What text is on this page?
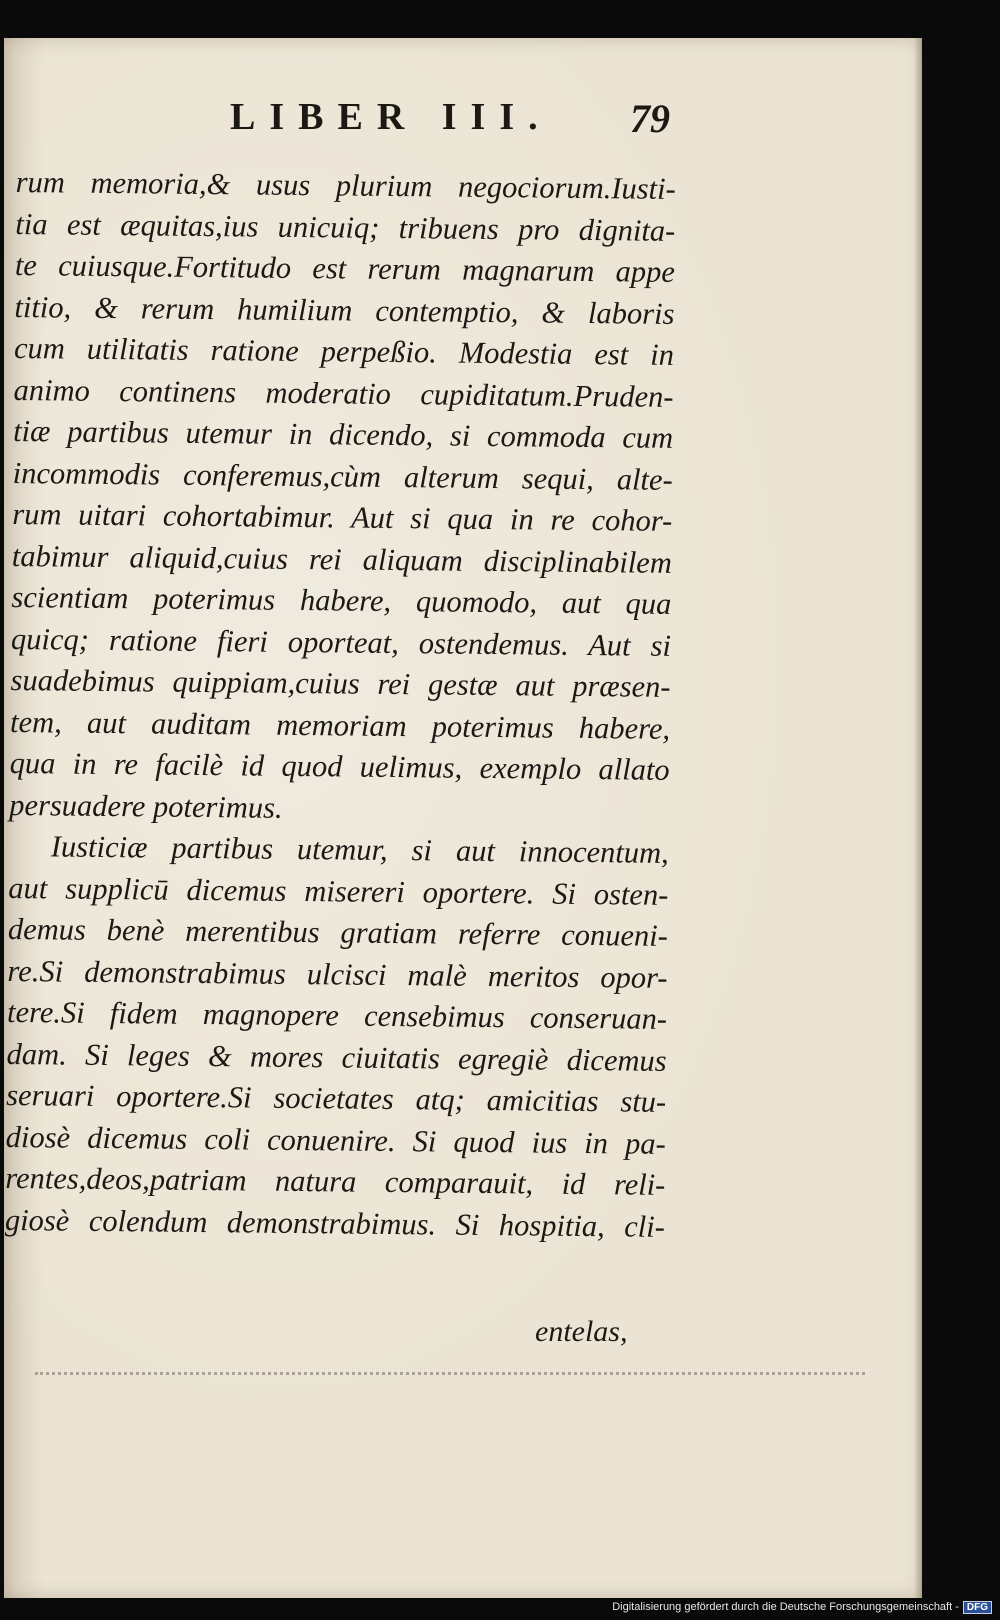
LIBER III. 79
rum memoria,& usus plurium negociorum.Iusti-
tia est æquitas,ius unicuiq; tribuens pro dignita-
te cuiusque.Fortitudo est rerum magnarum appe
titio, & rerum humilium contemptio, & laboris
cum utilitatis ratione perpeßio. Modestia est in
animo continens moderatio cupiditatum.Pruden-
tiæ partibus utemur in dicendo, si commoda cum
incommodis conferemus,cùm alterum sequi, alte-
rum uitari cohortabimur. Aut si qua in re cohor-
tabimur aliquid,cuius rei aliquam disciplinabilem
scientiam poterimus habere, quomodo, aut qua
quicq; ratione fieri oporteat, ostendemus. Aut si
suadebimus quippiam,cuius rei gestæ aut præsen-
tem, aut auditam memoriam poterimus habere,
qua in re facilè id quod uelimus, exemplo allato
persuadere poterimus.
Iusticiæ partibus utemur, si aut innocentum,
aut supplicū dicemus misereri oportere. Si osten-
demus benè merentibus gratiam referre conueni-
re.Si demonstrabimus ulcisci malè meritos opor-
tere.Si fidem magnopere censebimus conseruan-
dam. Si leges & mores ciuitatis egregiè dicemus
seruari oportere.Si societates atq; amicitias stu-
diosè dicemus coli conuenire. Si quod ius in pa-
rentes,deos,patriam natura comparauit, id reli-
giosè colendum demonstrabimus. Si hospitia, cli-
entelas,
Digitalisierung gefördert durch die Deutsche Forschungsgemeinschaft - DFG
